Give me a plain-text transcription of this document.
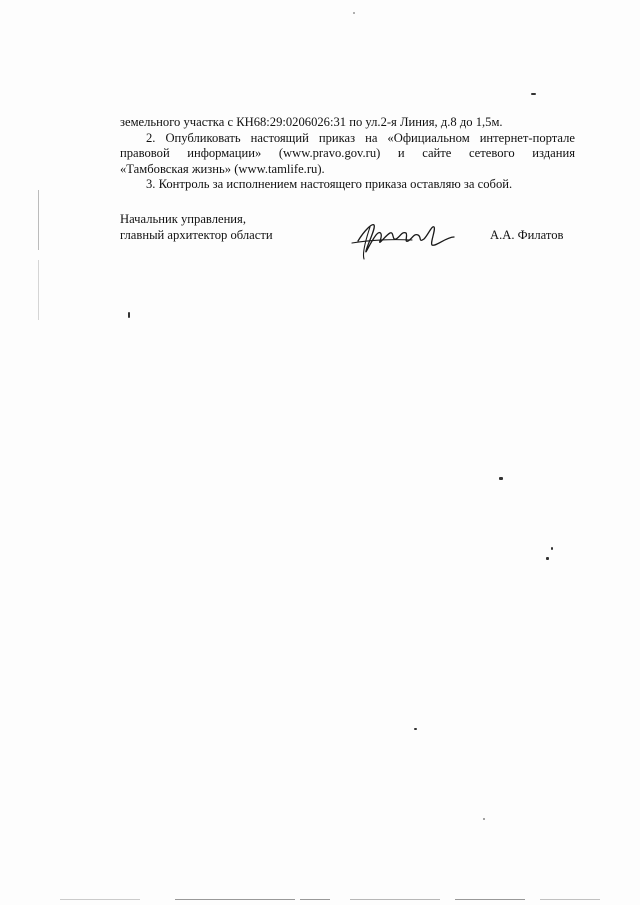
земельного участка с КН68:29:0206026:31 по ул.2-я Линия, д.8 до 1,5м.

2. Опубликовать настоящий приказ на «Официальном интернет-портале

правовой информации» (www.pravo.gov.ru) и сайте сетевого издания

«Тамбовская жизнь» (www.tamlife.ru).

3. Контроль за исполнением настоящего приказа оставляю за собой.

Начальник управления,
главный архитектор области	А.А. Филатов
